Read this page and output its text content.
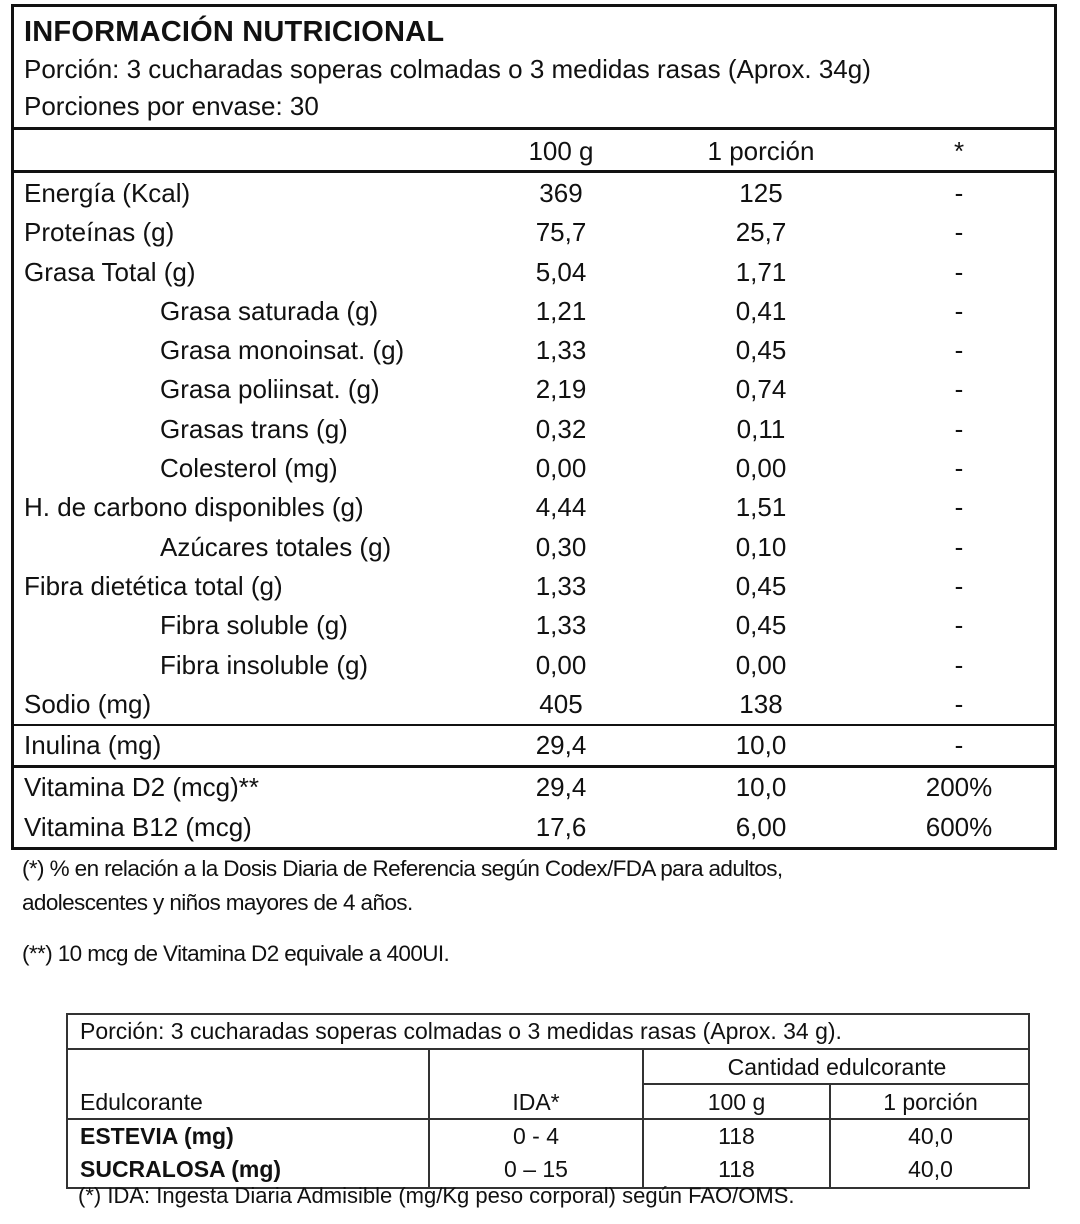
INFORMACIÓN NUTRICIONAL
Porción: 3 cucharadas soperas colmadas o 3 medidas rasas (Aprox. 34g)
Porciones por envase: 30
100 g	1 porción	*
Energía (Kcal)	369	125	-
Proteínas (g)	75,7	25,7	-
Grasa Total (g)	5,04	1,71	-
Grasa saturada (g)	1,21	0,41	-
Grasa monoinsat. (g)	1,33	0,45	-
Grasa poliinsat. (g)	2,19	0,74	-
Grasas trans (g)	0,32	0,11	-
Colesterol (mg)	0,00	0,00	-
H. de carbono disponibles (g)	4,44	1,51	-
Azúcares totales (g)	0,30	0,10	-
Fibra dietética total (g)	1,33	0,45	-
Fibra soluble (g)	1,33	0,45	-
Fibra insoluble (g)	0,00	0,00	-
Sodio (mg)	405	138	-
Inulina (mg)	29,4	10,0	-
Vitamina D2 (mcg)**	29,4	10,0	200%
Vitamina B12 (mcg)	17,6	6,00	600%
(*) % en relación a la Dosis Diaria de Referencia según Codex/FDA para adultos,
adolescentes y niños mayores de 4 años.
(**) 10 mcg de Vitamina D2 equivale a 400UI.
Porción: 3 cucharadas soperas colmadas o 3 medidas rasas (Aprox. 34 g).
Cantidad edulcorante
Edulcorante	IDA*	100 g	1 porción
ESTEVIA (mg)	0 - 4	118	40,0
SUCRALOSA (mg)	0 – 15	118	40,0
(*) IDA: Ingesta Diaria Admisible (mg/Kg peso corporal) según FAO/OMS.
